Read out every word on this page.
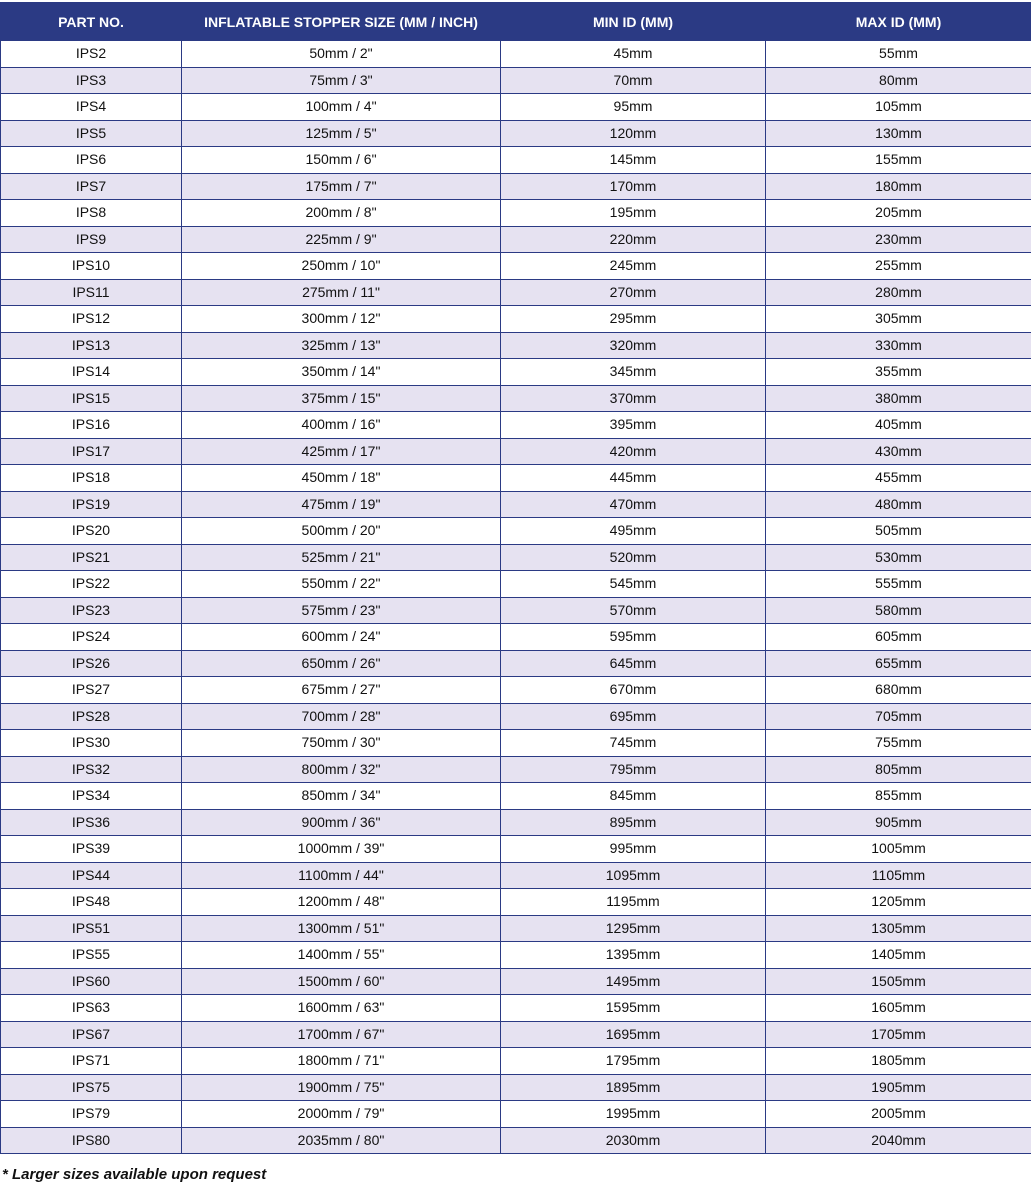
PART NO.	INFLATABLE STOPPER SIZE (MM / INCH)	MIN ID (MM)	MAX ID (MM)
IPS2	50mm / 2"	45mm	55mm
IPS3	75mm / 3"	70mm	80mm
IPS4	100mm / 4"	95mm	105mm
IPS5	125mm / 5"	120mm	130mm
IPS6	150mm / 6"	145mm	155mm
IPS7	175mm / 7"	170mm	180mm
IPS8	200mm / 8"	195mm	205mm
IPS9	225mm / 9"	220mm	230mm
IPS10	250mm / 10"	245mm	255mm
IPS11	275mm / 11"	270mm	280mm
IPS12	300mm / 12"	295mm	305mm
IPS13	325mm / 13"	320mm	330mm
IPS14	350mm / 14"	345mm	355mm
IPS15	375mm / 15"	370mm	380mm
IPS16	400mm / 16"	395mm	405mm
IPS17	425mm / 17"	420mm	430mm
IPS18	450mm / 18"	445mm	455mm
IPS19	475mm / 19"	470mm	480mm
IPS20	500mm / 20"	495mm	505mm
IPS21	525mm / 21"	520mm	530mm
IPS22	550mm / 22"	545mm	555mm
IPS23	575mm / 23"	570mm	580mm
IPS24	600mm / 24"	595mm	605mm
IPS26	650mm / 26"	645mm	655mm
IPS27	675mm / 27"	670mm	680mm
IPS28	700mm / 28"	695mm	705mm
IPS30	750mm / 30"	745mm	755mm
IPS32	800mm / 32"	795mm	805mm
IPS34	850mm / 34"	845mm	855mm
IPS36	900mm / 36"	895mm	905mm
IPS39	1000mm / 39"	995mm	1005mm
IPS44	1100mm / 44"	1095mm	1105mm
IPS48	1200mm / 48"	1195mm	1205mm
IPS51	1300mm / 51"	1295mm	1305mm
IPS55	1400mm / 55"	1395mm	1405mm
IPS60	1500mm / 60"	1495mm	1505mm
IPS63	1600mm / 63"	1595mm	1605mm
IPS67	1700mm / 67"	1695mm	1705mm
IPS71	1800mm / 71"	1795mm	1805mm
IPS75	1900mm / 75"	1895mm	1905mm
IPS79	2000mm / 79"	1995mm	2005mm
IPS80	2035mm / 80"	2030mm	2040mm
* Larger sizes available upon request
